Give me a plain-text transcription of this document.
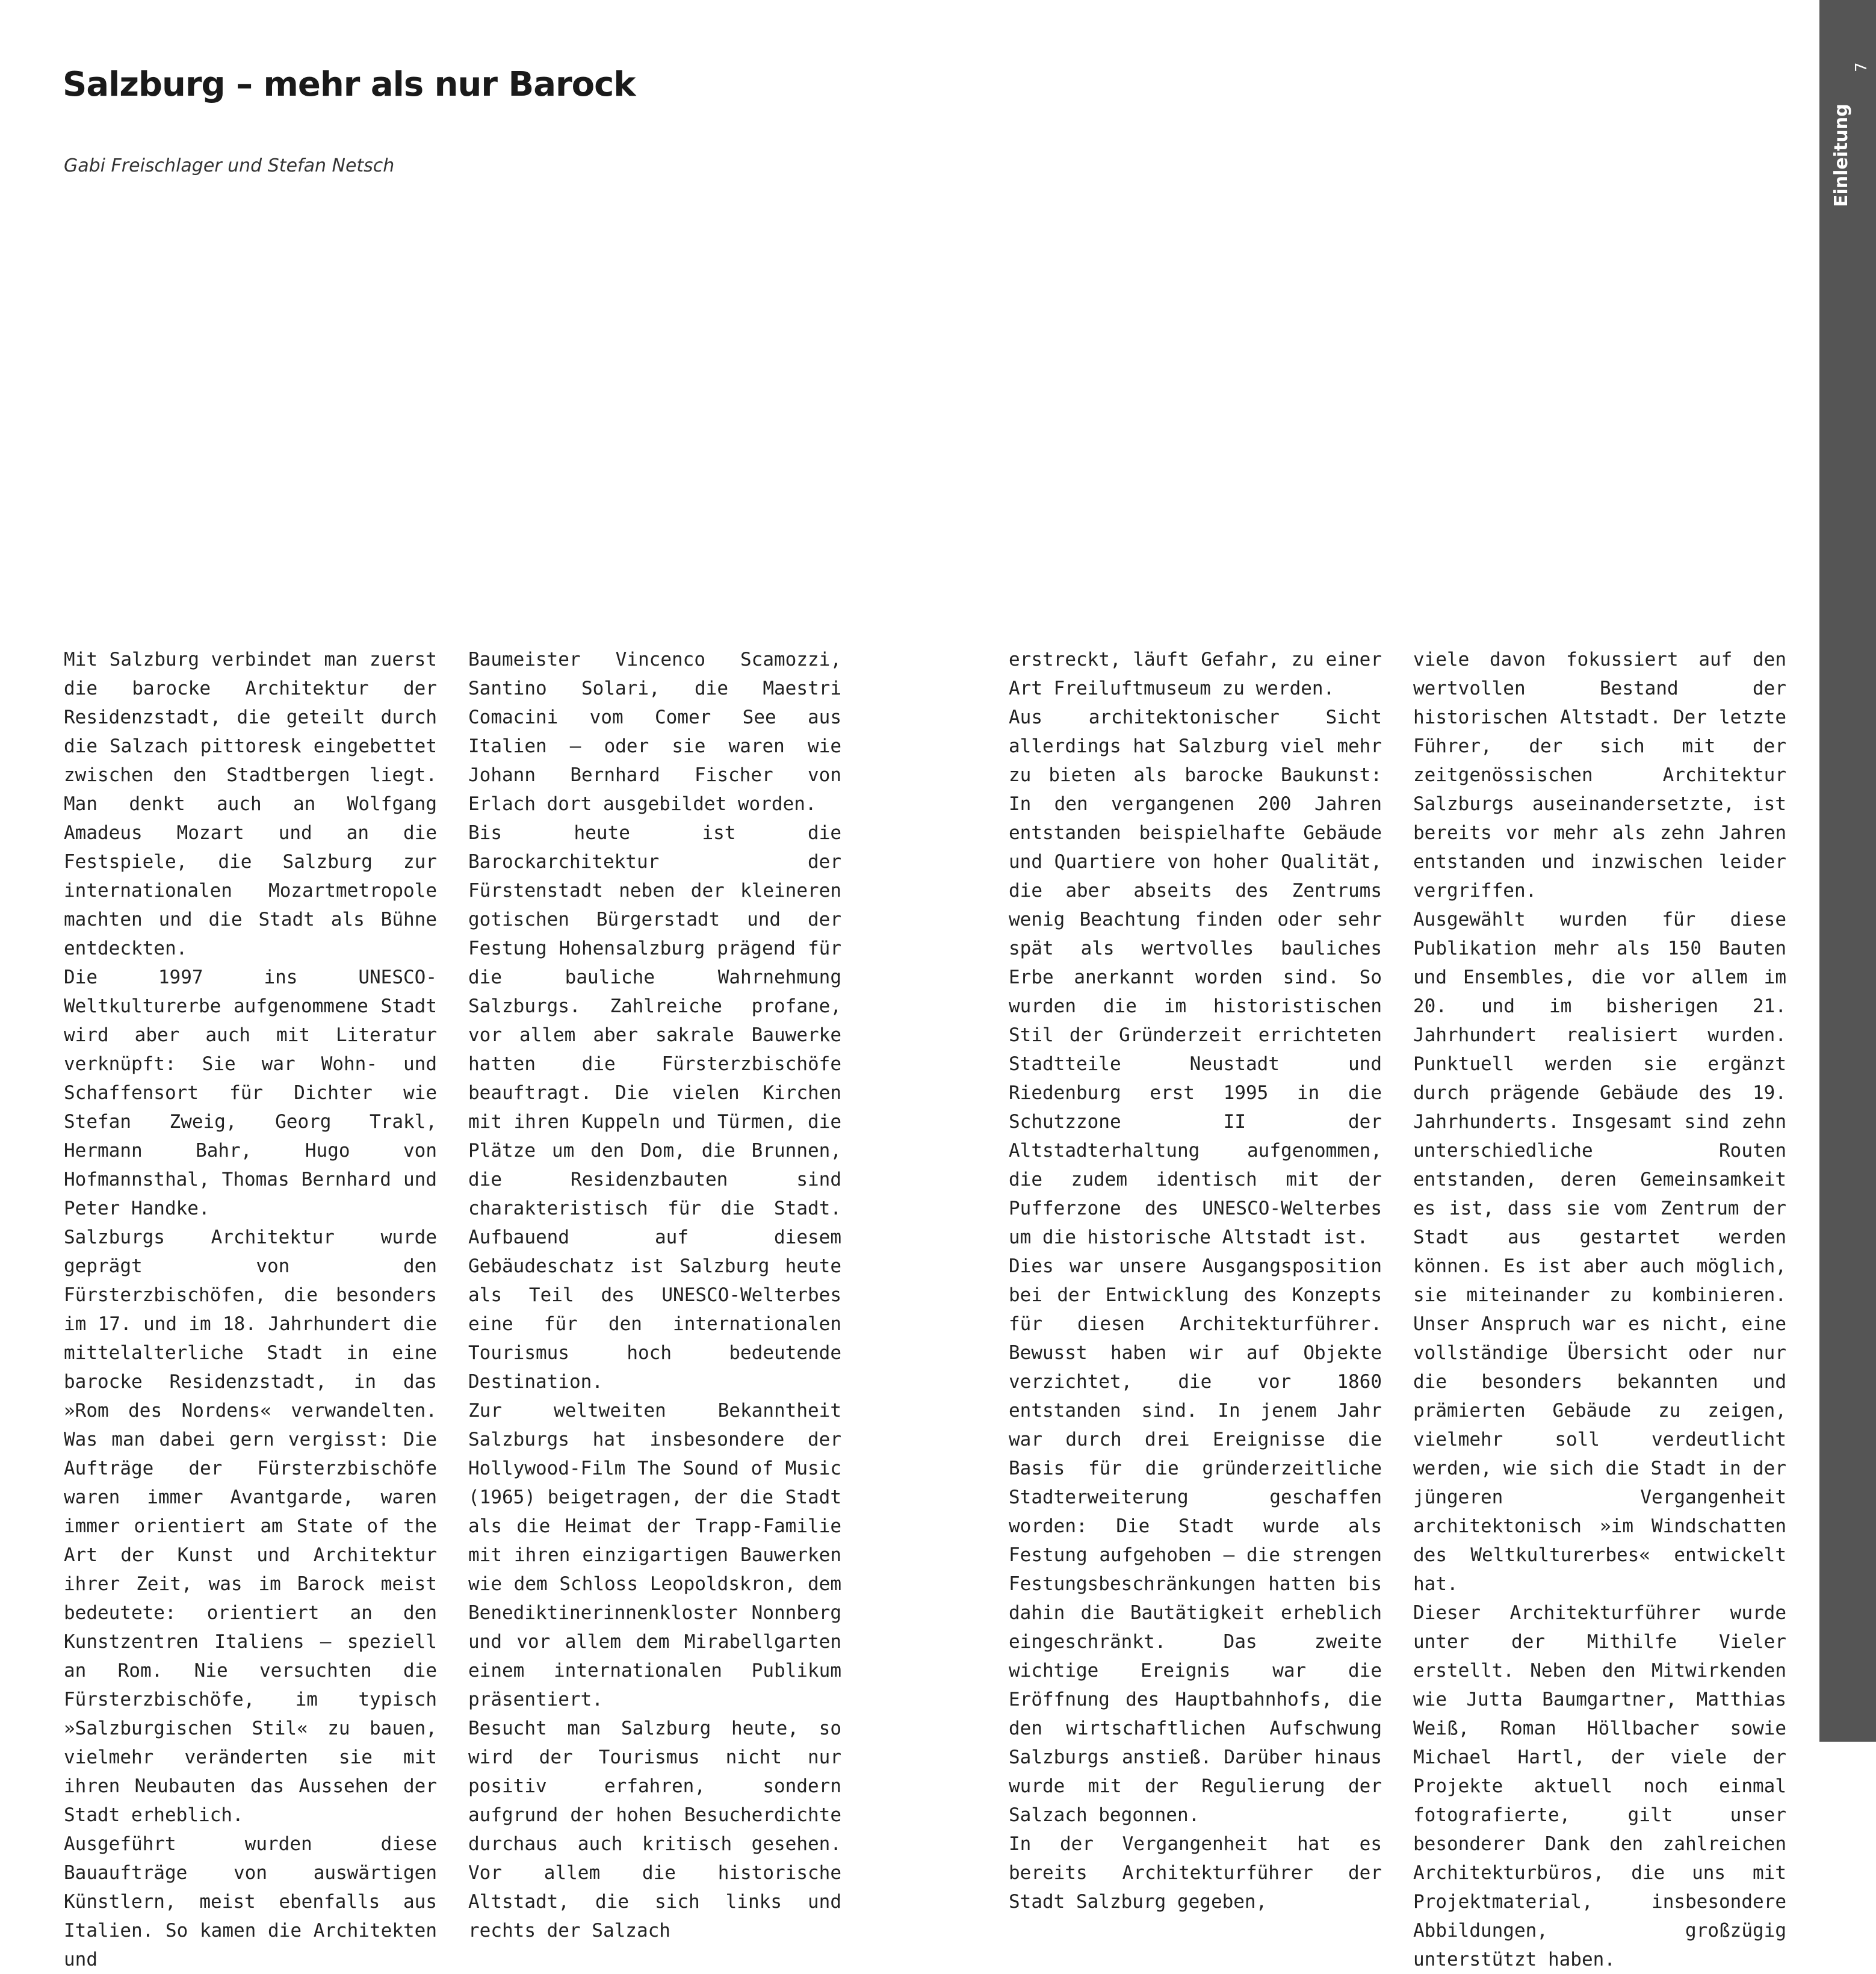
Salzburg – mehr als nur Barock
Gabi Freischlager und Stefan Netsch

Mit Salzburg verbindet man zuerst die barocke Architektur der Residenzstadt, die geteilt durch die Salzach pittoresk eingebettet zwischen den Stadtbergen liegt. Man denkt auch an Wolfgang Amadeus Mozart und an die Festspiele, die Salzburg zur internationalen Mozartmetropole machten und die Stadt als Bühne entdeckten.

Die 1997 ins UNESCO-Weltkulturerbe aufgenommene Stadt wird aber auch mit Literatur verknüpft: Sie war Wohn- und Schaffensort für Dichter wie Stefan Zweig, Georg Trakl, Hermann Bahr, Hugo von Hofmannsthal, Thomas Bernhard und Peter Handke.

Salzburgs Architektur wurde geprägt von den Fürsterzbischöfen, die besonders im 17. und im 18. Jahrhundert die mittelalterliche Stadt in eine barocke Residenzstadt, in das »Rom des Nordens« verwandelten. Was man dabei gern vergisst: Die Aufträge der Fürsterzbischöfe waren immer Avantgarde, waren immer orientiert am State of the Art der Kunst und Architektur ihrer Zeit, was im Barock meist bedeutete: orientiert an den Kunstzentren Italiens – speziell an Rom. Nie versuchten die Fürsterzbischöfe, im typisch »Salzburgischen Stil« zu bauen, vielmehr veränderten sie mit ihren Neubauten das Aussehen der Stadt erheblich.

Ausgeführt wurden diese Bauaufträge von auswärtigen Künstlern, meist ebenfalls aus Italien. So kamen die Architekten und

Baumeister Vincenco Scamozzi, Santino Solari, die Maestri Comacini vom Comer See aus Italien – oder sie waren wie Johann Bernhard Fischer von Erlach dort ausgebildet worden.

Bis heute ist die Barockarchitektur der Fürstenstadt neben der kleineren gotischen Bürgerstadt und der Festung Hohensalzburg prägend für die bauliche Wahrnehmung Salzburgs. Zahlreiche profane, vor allem aber sakrale Bauwerke hatten die Fürsterzbischöfe beauftragt. Die vielen Kirchen mit ihren Kuppeln und Türmen, die Plätze um den Dom, die Brunnen, die Residenzbauten sind charakteristisch für die Stadt. Aufbauend auf diesem Gebäudeschatz ist Salzburg heute als Teil des UNESCO-Welterbes eine für den internationalen Tourismus hoch bedeutende Destination.

Zur weltweiten Bekanntheit Salzburgs hat insbesondere der Hollywood-Film The Sound of Music (1965) beigetragen, der die Stadt als die Heimat der Trapp-Familie mit ihren einzigartigen Bauwerken wie dem Schloss Leopoldskron, dem Benediktinerinnenkloster Nonnberg und vor allem dem Mirabellgarten einem internationalen Publikum präsentiert.

Besucht man Salzburg heute, so wird der Tourismus nicht nur positiv erfahren, sondern aufgrund der hohen Besucherdichte durchaus auch kritisch gesehen. Vor allem die historische Altstadt, die sich links und rechts der Salzach

erstreckt, läuft Gefahr, zu einer Art Freiluftmuseum zu werden.

Aus architektonischer Sicht allerdings hat Salzburg viel mehr zu bieten als barocke Baukunst: In den vergangenen 200 Jahren entstanden beispielhafte Gebäude und Quartiere von hoher Qualität, die aber abseits des Zentrums wenig Beachtung finden oder sehr spät als wertvolles bauliches Erbe anerkannt worden sind. So wurden die im historistischen Stil der Gründerzeit errichteten Stadtteile Neustadt und Riedenburg erst 1995 in die Schutzzone II der Altstadterhaltung aufgenommen, die zudem identisch mit der Pufferzone des UNESCO-Welterbes um die historische Altstadt ist.

Dies war unsere Ausgangsposition bei der Entwicklung des Konzepts für diesen Architekturführer. Bewusst haben wir auf Objekte verzichtet, die vor 1860 entstanden sind. In jenem Jahr war durch drei Ereignisse die Basis für die gründerzeitliche Stadterweiterung geschaffen worden: Die Stadt wurde als Festung aufgehoben – die strengen Festungsbeschränkungen hatten bis dahin die Bautätigkeit erheblich eingeschränkt. Das zweite wichtige Ereignis war die Eröffnung des Hauptbahnhofs, die den wirtschaftlichen Aufschwung Salzburgs anstieß. Darüber hinaus wurde mit der Regulierung der Salzach begonnen.

In der Vergangenheit hat es bereits Architekturführer der Stadt Salzburg gegeben,

viele davon fokussiert auf den wertvollen Bestand der historischen Altstadt. Der letzte Führer, der sich mit der zeitgenössischen Architektur Salzburgs auseinandersetzte, ist bereits vor mehr als zehn Jahren entstanden und inzwischen leider vergriffen.

Ausgewählt wurden für diese Publikation mehr als 150 Bauten und Ensembles, die vor allem im 20. und im bisherigen 21. Jahrhundert realisiert wurden. Punktuell werden sie ergänzt durch prägende Gebäude des 19. Jahrhunderts. Insgesamt sind zehn unterschiedliche Routen entstanden, deren Gemeinsamkeit es ist, dass sie vom Zentrum der Stadt aus gestartet werden können. Es ist aber auch möglich, sie miteinander zu kombinieren. Unser Anspruch war es nicht, eine vollständige Übersicht oder nur die besonders bekannten und prämierten Gebäude zu zeigen, vielmehr soll verdeutlicht werden, wie sich die Stadt in der jüngeren Vergangenheit architektonisch »im Windschatten des Weltkulturerbes« entwickelt hat.

Dieser Architekturführer wurde unter der Mithilfe Vieler erstellt. Neben den Mitwirkenden wie Jutta Baumgartner, Matthias Weiß, Roman Höllbacher sowie Michael Hartl, der viele der Projekte aktuell noch einmal fotografierte, gilt unser besonderer Dank den zahlreichen Architekturbüros, die uns mit Projektmaterial, insbesondere Abbildungen, großzügig unterstützt haben.

7
Einleitung
